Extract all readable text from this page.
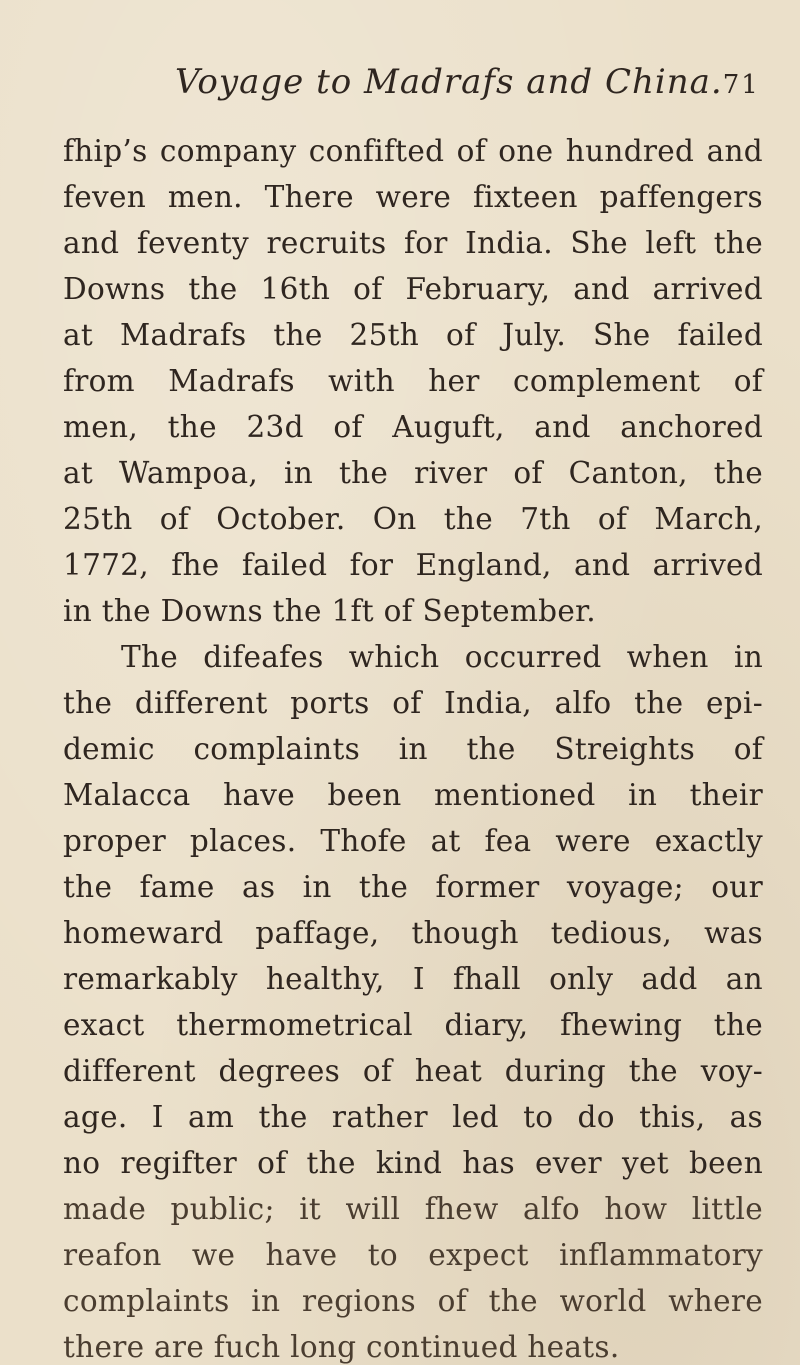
Voyage to Madrafs and China. 71
fhip’s company confifted of one hundred and
feven men. There were fixteen paffengers
and feventy recruits for India. She left the
Downs the 16th of February, and arrived
at Madrafs the 25th of July. She failed
from Madrafs with her complement of
men, the 23d of Auguft, and anchored
at Wampoa, in the river of Canton, the
25th of October. On the 7th of March,
1772, fhe failed for England, and arrived
in the Downs the 1ft of September.
The difeafes which occurred when in
the different ports of India, alfo the epi-
demic complaints in the Streights of
Malacca have been mentioned in their
proper places. Thofe at fea were exactly
the fame as in the former voyage; our
homeward paffage, though tedious, was
remarkably healthy, I fhall only add an
exact thermometrical diary, fhewing the
different degrees of heat during the voy-
age. I am the rather led to do this, as
no regifter of the kind has ever yet been
made public; it will fhew alfo how little
reafon we have to expect inflammatory
complaints in regions of the world where
there are fuch long continued heats.
